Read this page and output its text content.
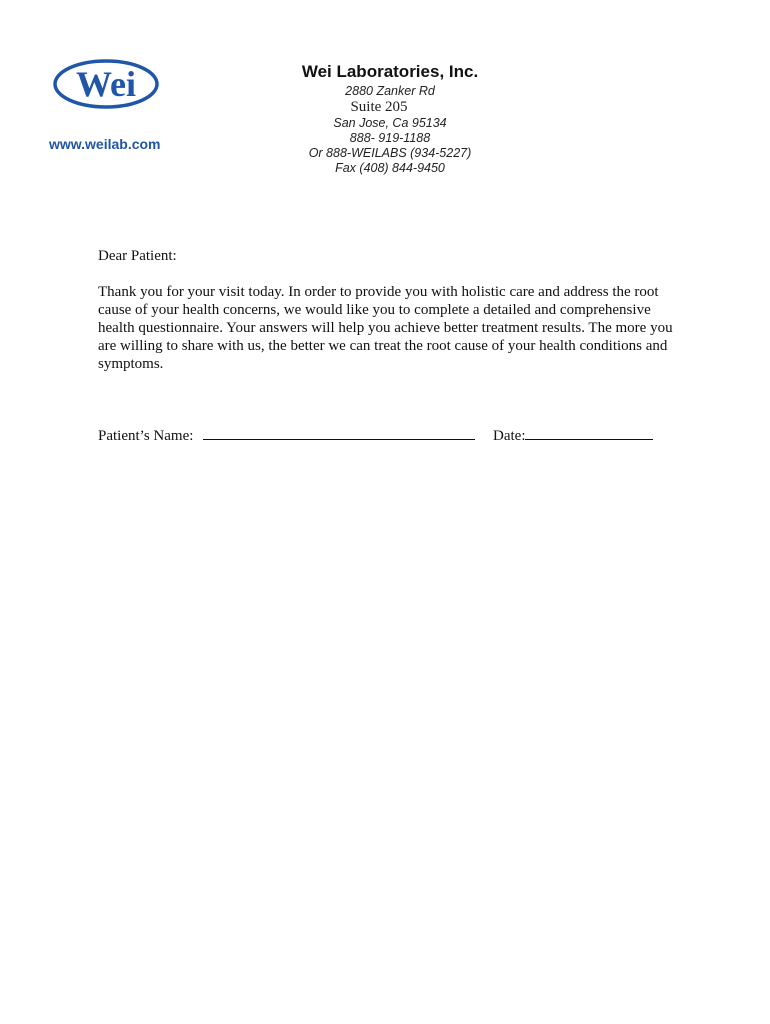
Wei
www.weilab.com
Wei Laboratories, Inc.
2880 Zanker Rd
Suite 205
San Jose, Ca 95134
888- 919-1188
Or 888-WEILABS (934-5227)
Fax (408) 844-9450
Dear Patient:
Thank you for your visit today. In order to provide you with holistic care and address the root cause of your health concerns, we would like you to complete a detailed and comprehensive health questionnaire. Your answers will help you achieve better treatment results. The more you are willing to share with us, the better we can treat the root cause of your health conditions and symptoms.
Patient’s Name:	Date:
